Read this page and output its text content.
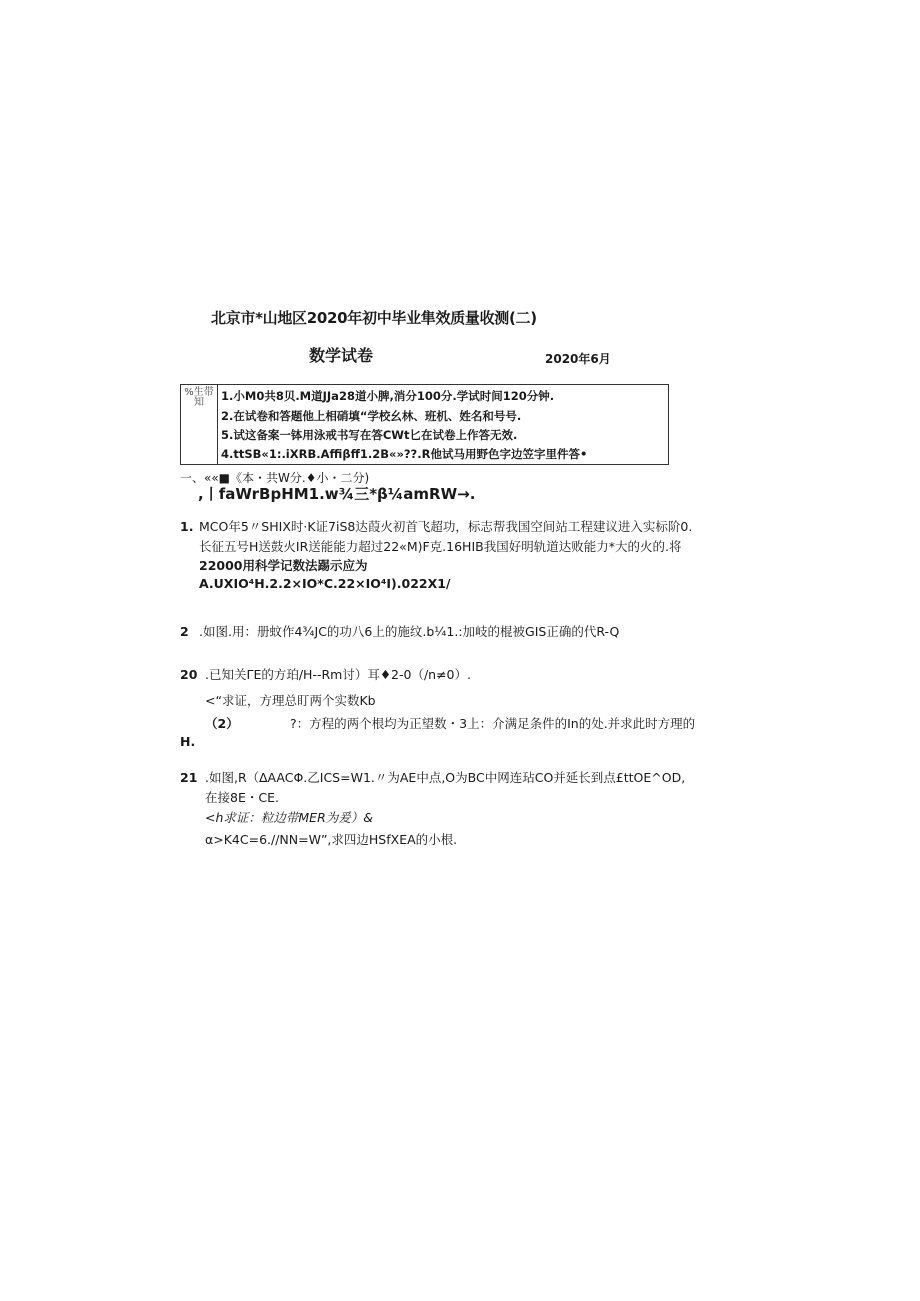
北京市*山地区2020年初中毕业隼效质量收测(二)
数学试卷	2020年6月
%生带知	1.小M0共8贝.M道JJa28道小脾,消分100分.学试时间120分钟.
2.在试卷和答题他上相硝填“学校幺林、班机、姓名和号号.
5.试这备案一钵用泳戒书写在答CWt匕在试卷上作答无效.
4.ttSB«1:.iXRB.Affiβff1.2B«»??.R他试马用野色字边笠字里件答•
一、««■《本・共W分.♦小・二分)
,丨faWrBpHM1.w¾三*β¼amRW→.
1. MCO年5〃SHIX时·K证7iS8达葭火初首飞超功，标志帮我国空间站工程建议进入实标阶0.
长征五号H送鼓火IR送能能力超过22«M)F克.16HIB我国好明轨道达败能力*大的火的.将
22000用科学记数法踢示应为
A.UXIO⁴H.2.2×IO*C.22×IO⁴I).022X1/
2 .如图.用：册蚊作4¾JC的功八6上的施纹.b¼1.:加岐的棍被GIS正确的代R-Q
20 .已知关ΓE的方珀/H--Rm讨）耳♦2-0（/n≠0）.
<“求证，方理总盯两个实数Kb
（2）	?：方程的两个根均为正望数・3上：介满足条件的In的处.并求此时方理的
H.
21 .如图,R（∆AACΦ.乙ICS=W1.〃为AE中点,O为BC中网连玷CO并延长到点£ttOE^OD,
在接8E・CE.
<h求证：粒边带MER为爰）&
α>K4C=6.//NN=W”,求四边HSfXEA的小根.
